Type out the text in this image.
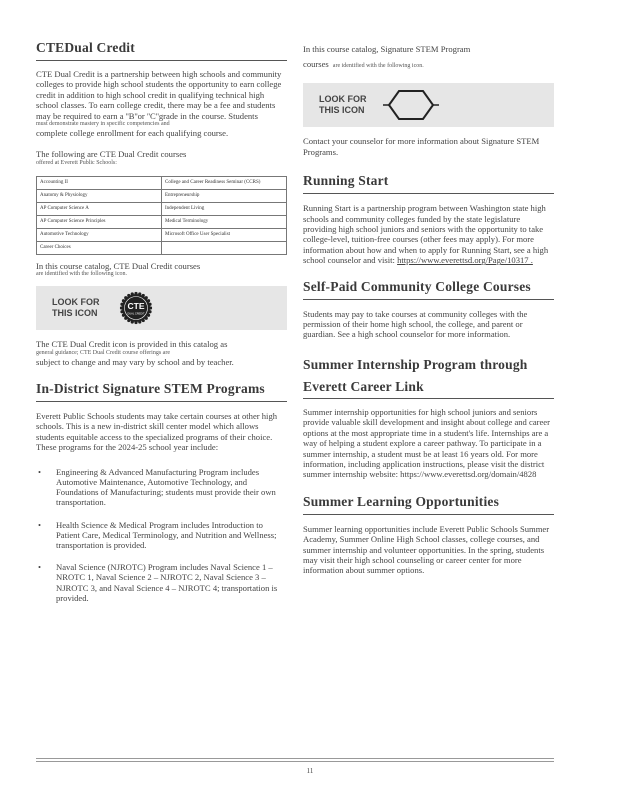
CTEDual Credit
CTE Dual Credit is a partnership between high schools and community colleges to provide high school students the opportunity to earn college credit in addition to high school credit in qualifying technical high school classes. To earn college credit, there may be a fee and students may be required to earn a ''B''or ''C''grade in the course. Students
must demonstrate mastery in specific competencies and
complete college enrollment for each qualifying course.
The following are CTE Dual Credit courses
offered at Everett Public Schools:
Accounting II	College and Career Readiness Seminar (CCRS)
Anatomy & Physiology	Entrepreneurship
AP Computer Science A	Independent Living
AP Computer Science Principles	Medical Terminology
Automotive Technology	Microsoft Office User Specialist
Career Choices	
In this course catalog, CTE Dual Credit courses
are identified with the following icon.
LOOK FOR
THIS ICON
CTE
DUAL CREDIT
The CTE Dual Credit icon is provided in this catalog as
general guidance; CTE Dual Credit course offerings are
subject to change and may vary by school and by teacher.
In-District Signature STEM Programs
Everett Public Schools students may take certain courses at other high schools. This is a new in-district skill center model which allows students equitable access to the specialized programs of their choice. These programs for the 2024-25 school year include:
• Engineering & Advanced Manufacturing Program includes Automotive Maintenance, Automotive Technology, and Foundations of Manufacturing; students must provide their own transportation.
• Health Science & Medical Program includes Introduction to Patient Care, Medical Terminology, and Nutrition and Wellness; transportation is provided.
• Naval Science (NJROTC) Program includes Naval Science 1 – NROTC 1, Naval Science 2 – NJROTC 2, Naval Science 3 – NJROTC 3, and Naval Science 4 – NJROTC 4; transportation is provided.
In this course catalog, Signature STEM Program
courses are identified with the following icon.
LOOK FOR
THIS ICON
Contact your counselor for more information about Signature STEM Programs.
Running Start
Running Start is a partnership program between Washington state high schools and community colleges funded by the state legislature providing high school juniors and seniors with the opportunity to take college-level, tuition-free courses (other fees may apply). For more information about how and when to apply for Running Start, see a high school counselor and visit: https://www.everettsd.org/Page/10317 .
Self-Paid Community College Courses
Students may pay to take courses at community colleges with the permission of their home high school, the college, and parent or guardian. See a high school counselor for more information.
Summer Internship Program through

Everett Career Link
Summer internship opportunities for high school juniors and seniors provide valuable skill development and insight about college and career options at the most appropriate time in a student's life. Internships are a way of helping a student explore a career pathway. To participate in a summer internship, a student must be at least 16 years old. For more information, including application instructions, please visit the district summer internship website: https://www.everettsd.org/domain/4828
Summer Learning Opportunities
Summer learning opportunities include Everett Public Schools Summer Academy, Summer Online High School classes, college courses, and summer internship and volunteer opportunities. In the spring, students may visit their high school counseling or career center for more information about summer options.
11
